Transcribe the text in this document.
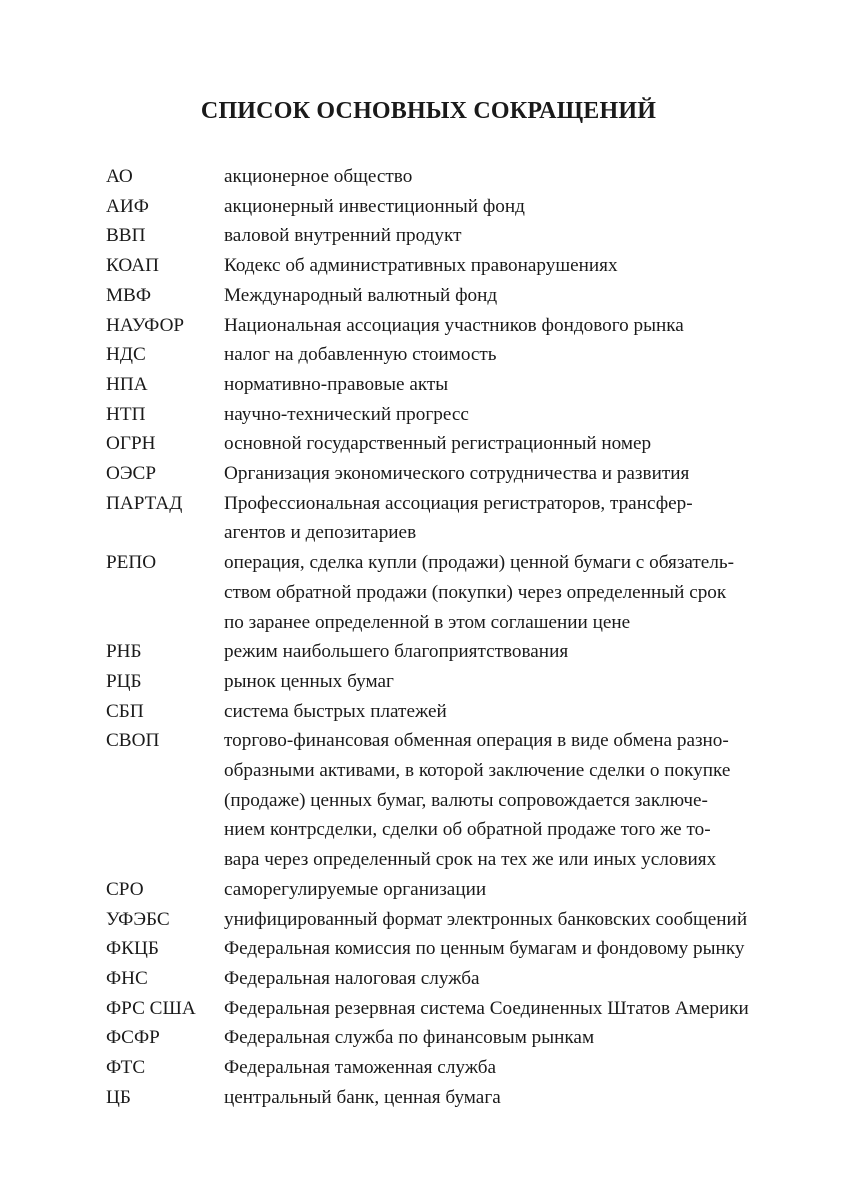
СПИСОК ОСНОВНЫХ СОКРАЩЕНИЙ
АО	акционерное общество
АИФ	акционерный инвестиционный фонд
ВВП	валовой внутренний продукт
КОАП	Кодекс об административных правонарушениях
МВФ	Международный валютный фонд
НАУФОР	Национальная ассоциация участников фондового рынка
НДС	налог на добавленную стоимость
НПА	нормативно-правовые акты
НТП	научно-технический прогресс
ОГРН	основной государственный регистрационный номер
ОЭСР	Организация экономического сотрудничества и развития
ПАРТАД	Профессиональная ассоциация регистраторов, трансфер-
агентов и депозитариев
РЕПО	операция, сделка купли (продажи) ценной бумаги с обязатель-
ством обратной продажи (покупки) через определенный срок
по заранее определенной в этом соглашении цене
РНБ	режим наибольшего благоприятствования
РЦБ	рынок ценных бумаг
СБП	система быстрых платежей
СВОП	торгово-финансовая обменная операция в виде обмена разно-
образными активами, в которой заключение сделки о покупке
(продаже) ценных бумаг, валюты сопровождается заключе-
нием контрсделки, сделки об обратной продаже того же то-
вара через определенный срок на тех же или иных условиях
СРО	саморегулируемые организации
УФЭБС	унифицированный формат электронных банковских сообщений
ФКЦБ	Федеральная комиссия по ценным бумагам и фондовому рынку
ФНС	Федеральная налоговая служба
ФРС США	Федеральная резервная система Соединенных Штатов Америки
ФСФР	Федеральная служба по финансовым рынкам
ФТС	Федеральная таможенная служба
ЦБ	центральный банк, ценная бумага
